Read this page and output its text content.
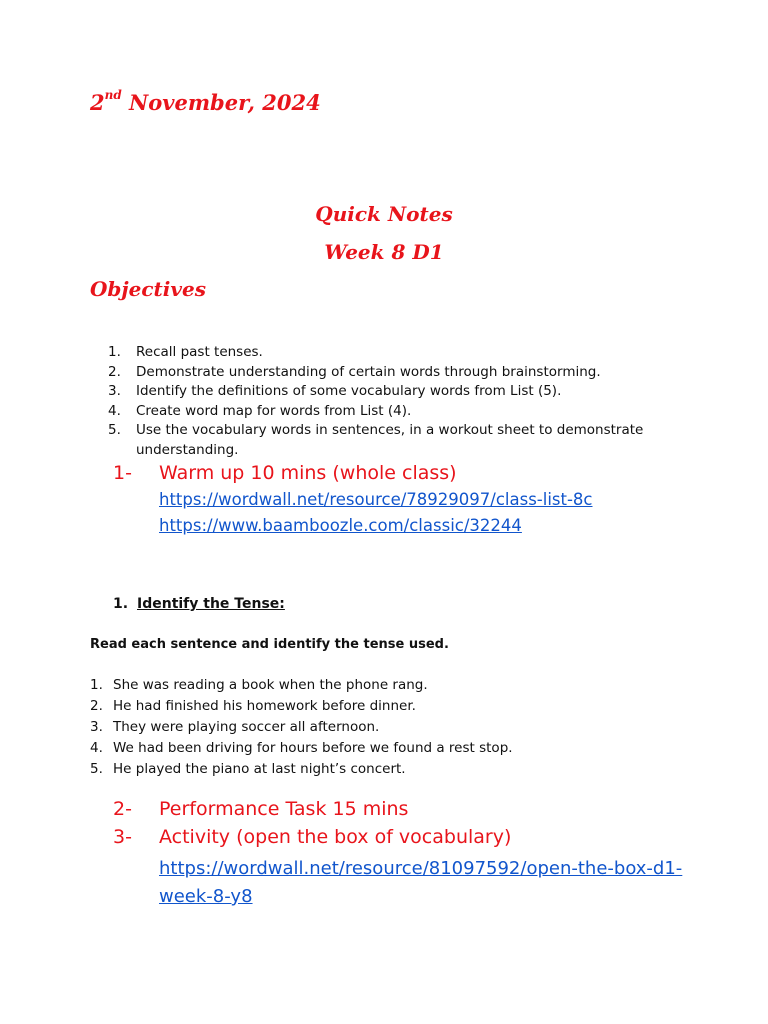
2nd November, 2024
Quick Notes
Week 8 D1
Objectives
1.	Recall past tenses.
2.	Demonstrate understanding of certain words through brainstorming.
3.	Identify the definitions of some vocabulary words from List (5).
4.	Create word map for words from List (4).
5.	Use the vocabulary words in sentences, in a workout sheet to demonstrate understanding.
1-	Warm up 10 mins (whole class)
https://wordwall.net/resource/78929097/class-list-8c
https://www.baamboozle.com/classic/32244
1. Identify the Tense:
Read each sentence and identify the tense used.
1. She was reading a book when the phone rang.
2. He had finished his homework before dinner.
3. They were playing soccer all afternoon.
4. We had been driving for hours before we found a rest stop.
5. He played the piano at last night’s concert.
2-	Performance Task 15 mins
3-	Activity (open the box of vocabulary)
https://wordwall.net/resource/81097592/open-the-box-d1-week-8-y8
